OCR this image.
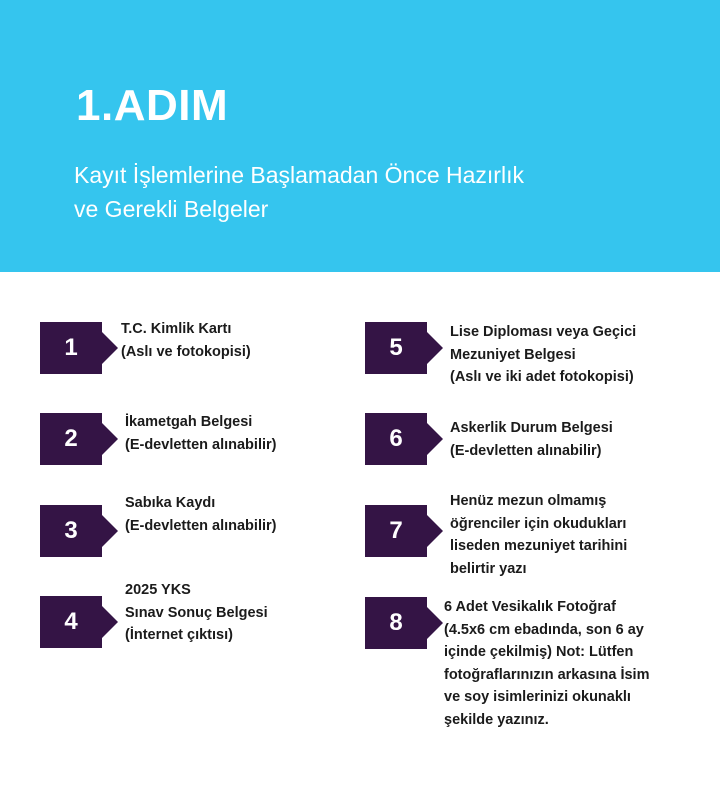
1.ADIM
Kayıt İşlemlerine Başlamadan Önce Hazırlık
ve Gerekli Belgeler
1
T.C. Kimlik Kartı
(Aslı ve fotokopisi)
2
İkametgah Belgesi
(E-devletten alınabilir)
3
Sabıka Kaydı
(E-devletten alınabilir)
4
2025 YKS
Sınav Sonuç Belgesi
(İnternet çıktısı)
5
Lise Diploması veya Geçici
Mezuniyet Belgesi
(Aslı ve iki adet fotokopisi)
6	Askerlik Durum Belgesi
(E-devletten alınabilir)
7
Henüz mezun olmamış
öğrenciler için okudukları
liseden mezuniyet tarihini
belirtir yazı
8
6 Adet Vesikalık Fotoğraf
(4.5x6 cm ebadında, son 6 ay
içinde çekilmiş) Not: Lütfen
fotoğraflarınızın arkasına İsim
ve soy isimlerinizi okunaklı
şekilde yazınız.
